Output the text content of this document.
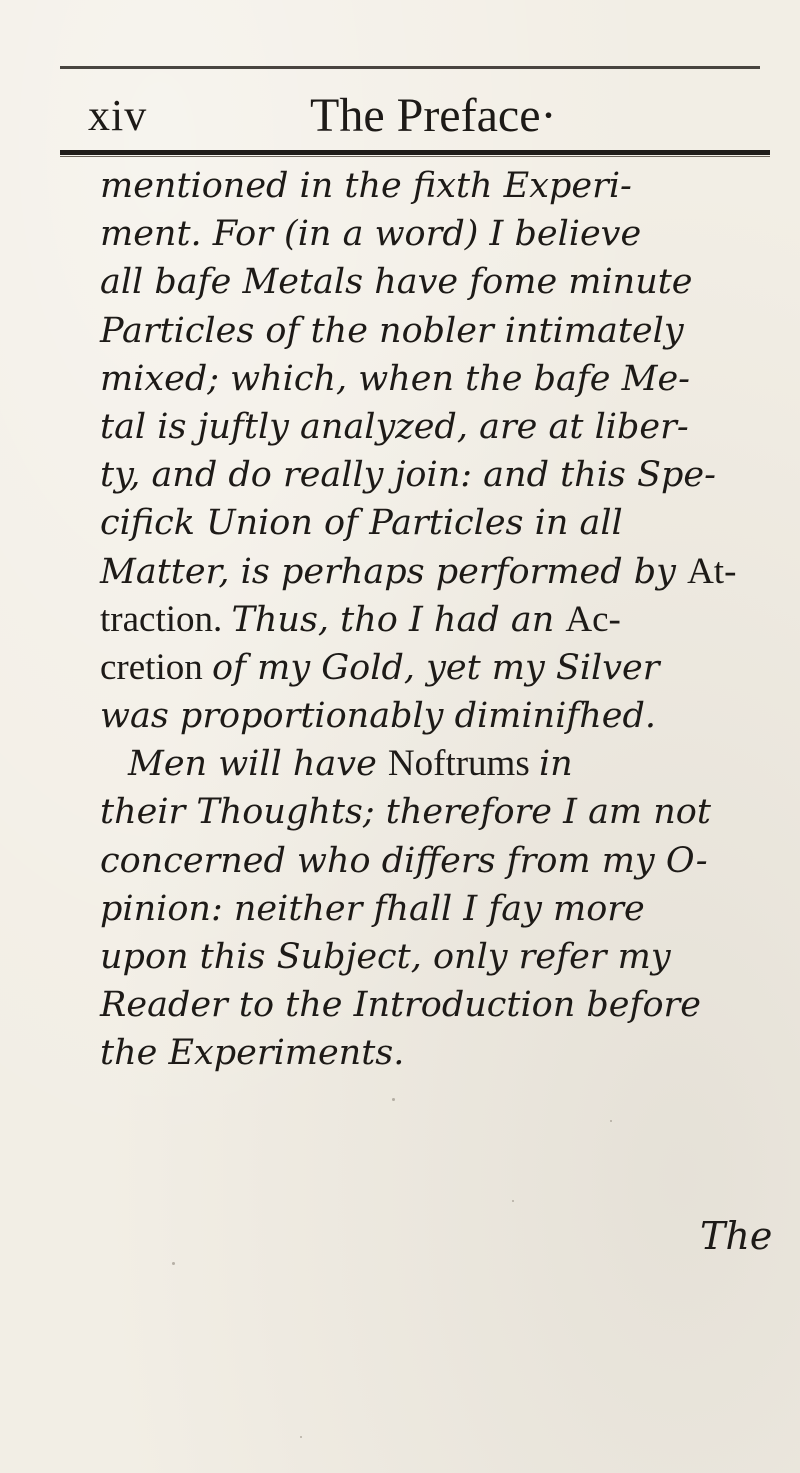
xiv	The Preface·
mentioned in the fixth Experi-
ment. For (in a word) I believe
all bafe Metals have fome minute
Particles of the nobler intimately
mixed; which, when the bafe Me-
tal is juftly analyzed, are at liber-
ty, and do really join: and this Spe-
cifick Union of Particles in all
Matter, is perhaps performed by At-
traction. Thus, tho I had an Ac-
cretion of my Gold, yet my Silver
was proportionably diminifhed.
Men will have Noftrums in
their Thoughts; therefore I am not
concerned who differs from my O-
pinion: neither fhall I fay more
upon this Subject, only refer my
Reader to the Introduction before
the Experiments.
The
